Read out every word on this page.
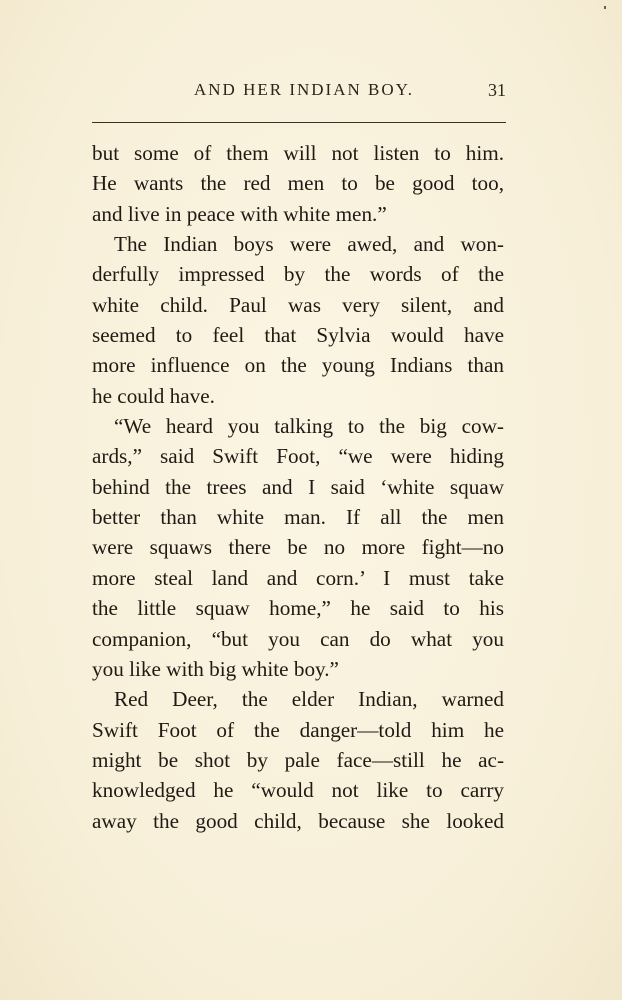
AND HER INDIAN BOY.	31
but some of them will not listen to him.
He wants the red men to be good too,
and live in peace with white men.”
The Indian boys were awed, and won-
derfully impressed by the words of the
white child. Paul was very silent, and
seemed to feel that Sylvia would have
more influence on the young Indians than
he could have.
“We heard you talking to the big cow-
ards,” said Swift Foot, “we were hiding
behind the trees and I said ‘white squaw
better than white man. If all the men
were squaws there be no more fight—no
more steal land and corn.’ I must take
the little squaw home,” he said to his
companion, “but you can do what you
you like with big white boy.”
Red Deer, the elder Indian, warned
Swift Foot of the danger—told him he
might be shot by pale face—still he ac-
knowledged he “would not like to carry
away the good child, because she looked
